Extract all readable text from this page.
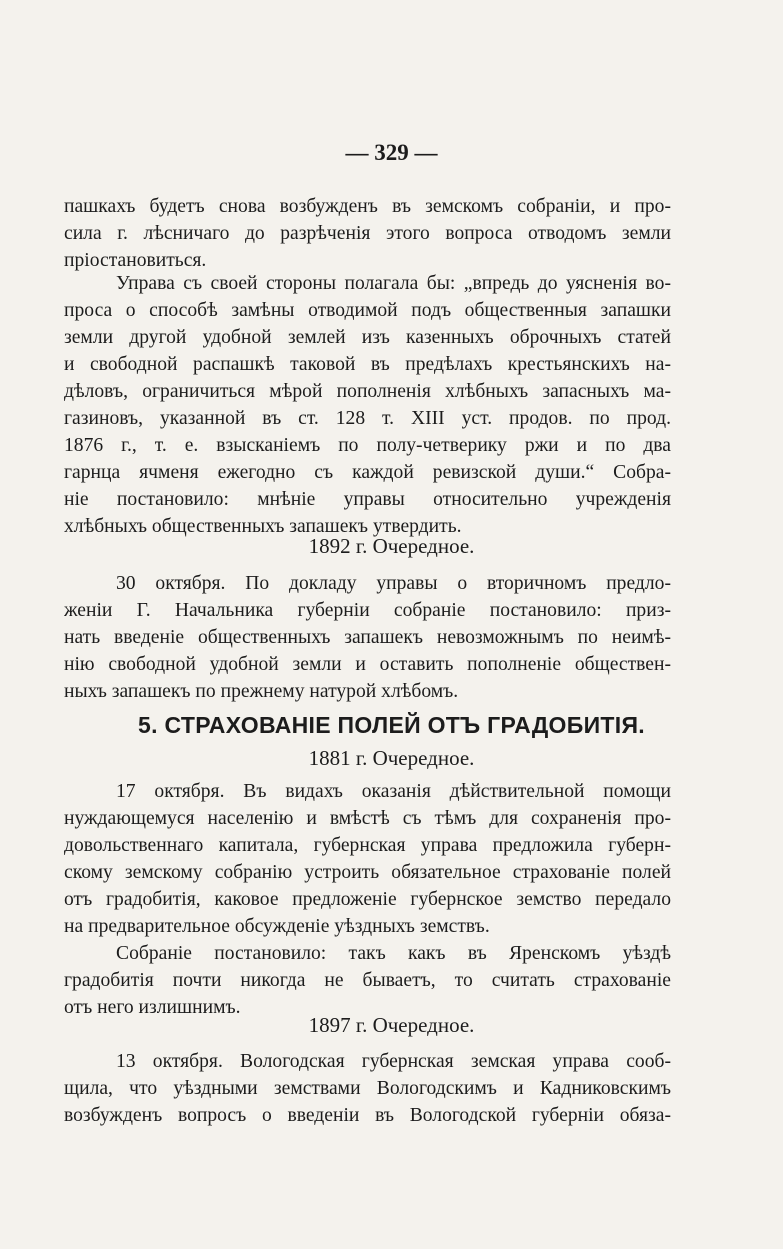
— 329 —
пашкахъ будетъ снова возбужденъ въ земскомъ собраніи, и про-
сила г. лѣсничаго до разрѣченія этого вопроса отводомъ земли
пріостановиться.
Управа съ своей стороны полагала бы: „впредь до уясненія во-
проса о способѣ замѣны отводимой подъ общественныя запашки
земли другой удобной землей изъ казенныхъ оброчныхъ статей
и свободной распашкѣ таковой въ предѣлахъ крестьянскихъ на-
дѣловъ, ограничиться мѣрой пополненія хлѣбныхъ запасныхъ ма-
газиновъ, указанной въ ст. 128 т. XIII уст. продов. по прод.
1876 г., т. е. взысканіемъ по полу-четверику ржи и по два
гарнца ячменя ежегодно съ каждой ревизской души.“ Собра-
ніе постановило: мнѣніе управы относительно учрежденія
хлѣбныхъ общественныхъ запашекъ утвердить.
1892 г. Очередное.
30 октября. По докладу управы о вторичномъ предло-
женіи Г. Начальника губерніи собраніе постановило: приз-
нать введеніе общественныхъ запашекъ невозможнымъ по неимѣ-
нію свободной удобной земли и оставить пополненіе обществен-
ныхъ запашекъ по прежнему натурой хлѣбомъ.
5. СТРАХОВАНІЕ ПОЛЕЙ ОТЪ ГРАДОБИТІЯ.
1881 г. Очередное.
17 октября. Въ видахъ оказанія дѣйствительной помощи
нуждающемуся населенію и вмѣстѣ съ тѣмъ для сохраненія про-
довольственнаго капитала, губернская управа предложила губерн-
скому земскому собранію устроить обязательное страхованіе полей
отъ градобитія, каковое предложеніе губернское земство передало
на предварительное обсужденіе уѣздныхъ земствъ.
Собраніе постановило: такъ какъ въ Яренскомъ уѣздѣ
градобитія почти никогда не бываетъ, то считать страхованіе
отъ него излишнимъ.
1897 г. Очередное.
13 октября. Вологодская губернская земская управа сооб-
щила, что уѣздными земствами Вологодскимъ и Кадниковскимъ
возбужденъ вопросъ о введеніи въ Вологодской губерніи обяза-
